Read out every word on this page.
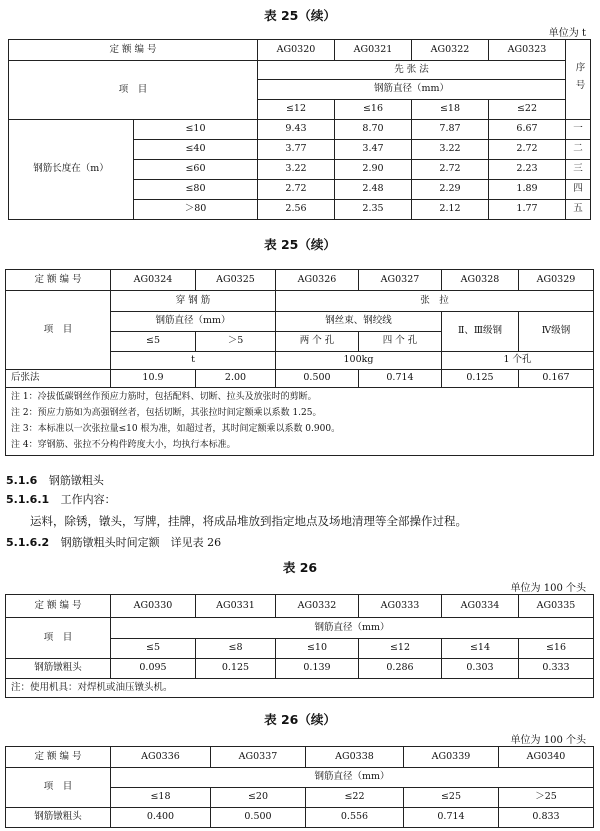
表 25（续）
单位为 t
定 额 编 号		AG0320	AG0321	AG0322	AG0323	序号
项　目		先 张 法				
		钢筋直径（mm）				
		≤12	≤16	≤18	≤22	
钢筋长度在（m）	≤10	9.43	8.70	7.87	6.67	一
	≤40	3.77	3.47	3.22	2.72	二
	≤60	3.22	2.90	2.72	2.23	三
	≤80	2.72	2.48	2.29	1.89	四
	＞80	2.56	2.35	2.12	1.77	五
表 25（续）
定 额 编 号	AG0324	AG0325	AG0326	AG0327	AG0328	AG0329
项　目	穿 钢 筋		张　拉			
	钢筋直径（mm）		钢丝束、钢绞线		Ⅱ、Ⅲ级钢	Ⅳ级钢
	≤5	＞5	两 个 孔	四 个 孔		
	t		100kg		1 个孔	
后张法	10.9	2.00	0.500	0.714	0.125	0.167

注 1：冷拔低碳钢丝作预应力筋时，包括配料、切断、拉头及放张时的剪断。
注 2：预应力筋如为高强钢丝者，包括切断，其张拉时间定额乘以系数 1.25。
注 3：本标准以一次张拉量≤10 根为准，如超过者，其时间定额乘以系数 0.900。
注 4：穿钢筋、张拉不分构件跨度大小，均执行本标准。						
5.1.6 钢筋镦粗头
5.1.6.1 工作内容：
运料，除锈，镦头，写牌，挂牌，将成品堆放到指定地点及场地清理等全部操作过程。
5.1.6.2 钢筋镦粗头时间定额　详见表 26
表 26
单位为 100 个头
定 额 编 号	AG0330	AG0331	AG0332	AG0333	AG0334	AG0335
项　目	钢筋直径（mm）					
	≤5	≤8	≤10	≤12	≤14	≤16
钢筋镦粗头	0.095	0.125	0.139	0.286	0.303	0.333
注：使用机具：对焊机或油压镦头机。						
表 26（续）
单位为 100 个头
定 额 编 号	AG0336	AG0337	AG0338	AG0339	AG0340
项　目	钢筋直径（mm）				
	≤18	≤20	≤22	≤25	＞25
钢筋镦粗头	0.400	0.500	0.556	0.714	0.833
